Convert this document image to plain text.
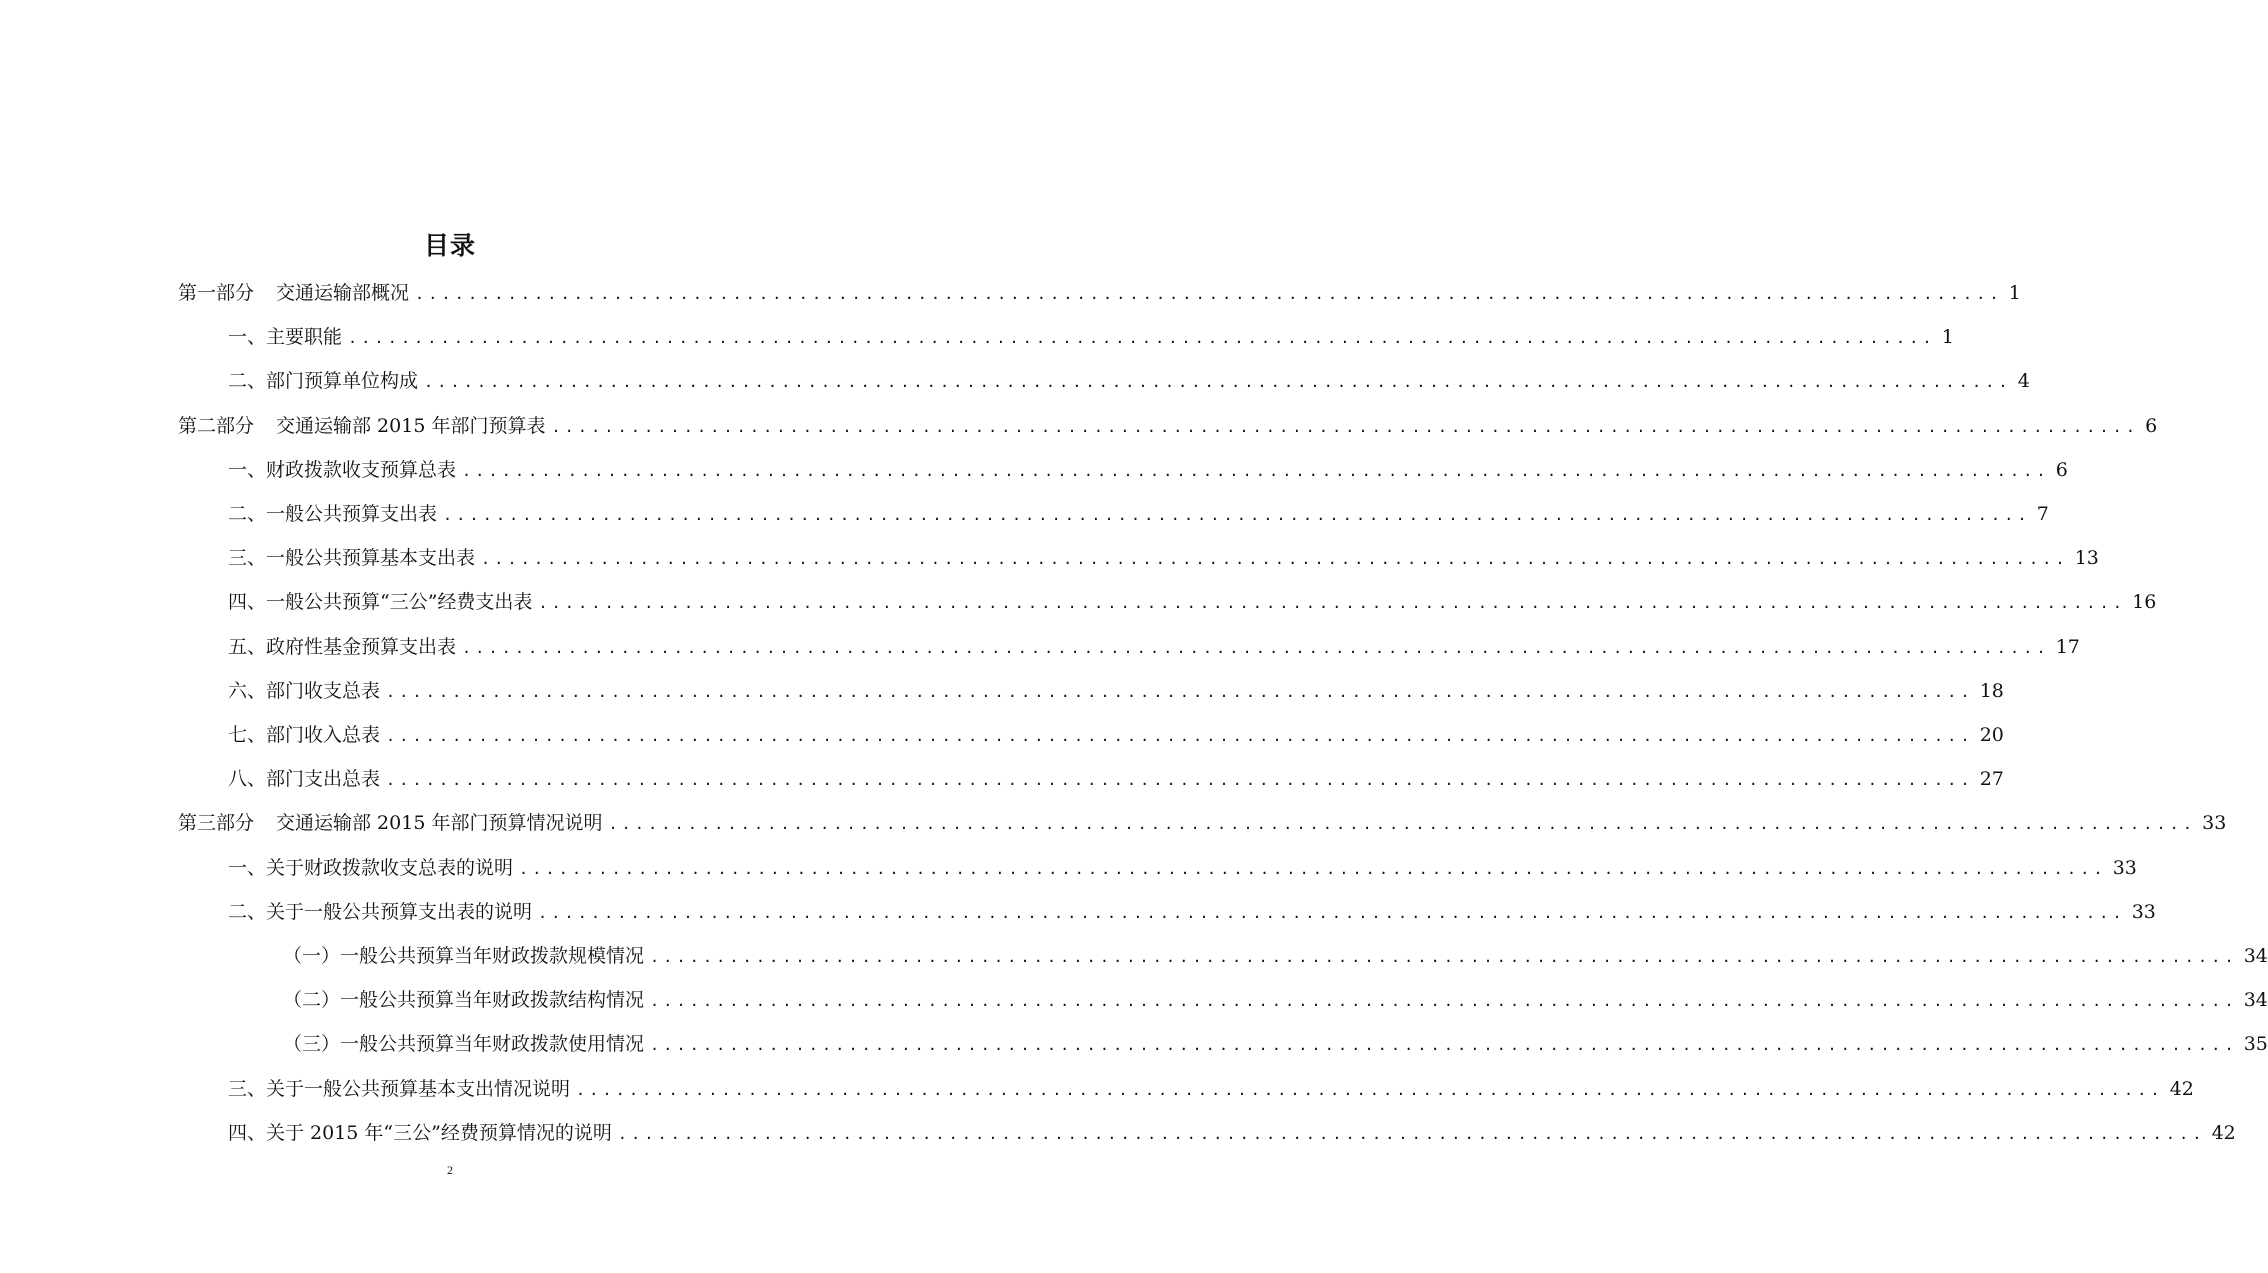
目录
第一部分 交通运输部概况 ........................................................................................................................ 1
一、主要职能 ........................................................................................................................ 1
二、部门预算单位构成 ........................................................................................................................ 4
第二部分 交通运输部 2015 年部门预算表 ........................................................................................................................ 6
一、财政拨款收支预算总表 ........................................................................................................................ 6
二、一般公共预算支出表 ........................................................................................................................ 7
三、一般公共预算基本支出表 ........................................................................................................................ 13
四、一般公共预算“三公”经费支出表 ........................................................................................................................ 16
五、政府性基金预算支出表 ........................................................................................................................ 17
六、部门收支总表 ........................................................................................................................ 18
七、部门收入总表 ........................................................................................................................ 20
八、部门支出总表 ........................................................................................................................ 27
第三部分 交通运输部 2015 年部门预算情况说明 ........................................................................................................................ 33
一、关于财政拨款收支总表的说明 ........................................................................................................................ 33
二、关于一般公共预算支出表的说明 ........................................................................................................................ 33
（一）一般公共预算当年财政拨款规模情况 ........................................................................................................................ 34
（二）一般公共预算当年财政拨款结构情况 ........................................................................................................................ 34
（三）一般公共预算当年财政拨款使用情况 ........................................................................................................................ 35
三、关于一般公共预算基本支出情况说明 ........................................................................................................................ 42
四、关于 2015 年“三公”经费预算情况的说明 ........................................................................................................................ 42
2
